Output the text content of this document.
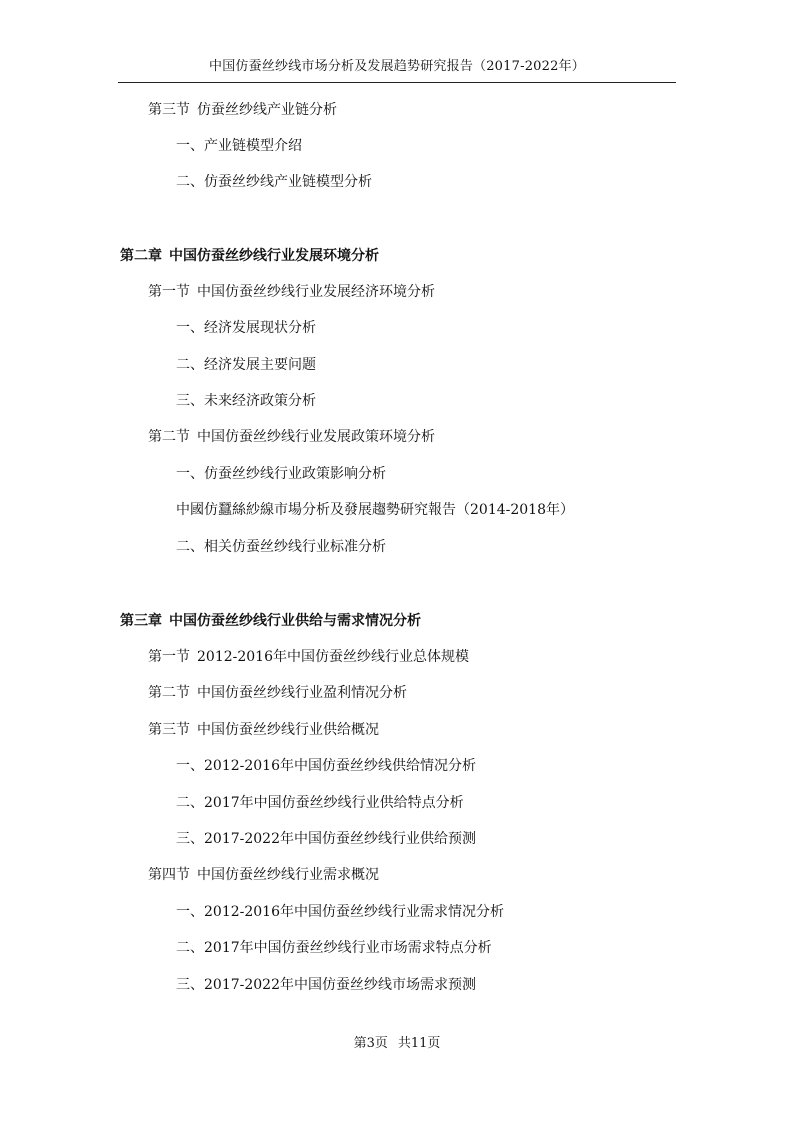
中国仿蚕丝纱线市场分析及发展趋势研究报告（2017-2022年）
第三节 仿蚕丝纱线产业链分析
一、产业链模型介绍
二、仿蚕丝纱线产业链模型分析
第二章 中国仿蚕丝纱线行业发展环境分析
第一节 中国仿蚕丝纱线行业发展经济环境分析
一、经济发展现状分析
二、经济发展主要问题
三、未来经济政策分析
第二节 中国仿蚕丝纱线行业发展政策环境分析
一、仿蚕丝纱线行业政策影响分析
中國仿蠶絲紗線市場分析及發展趨勢研究報告（2014-2018年）
二、相关仿蚕丝纱线行业标准分析
第三章 中国仿蚕丝纱线行业供给与需求情况分析
第一节 2012-2016年中国仿蚕丝纱线行业总体规模
第二节 中国仿蚕丝纱线行业盈利情况分析
第三节 中国仿蚕丝纱线行业供给概况
一、2012-2016年中国仿蚕丝纱线供给情况分析
二、2017年中国仿蚕丝纱线行业供给特点分析
三、2017-2022年中国仿蚕丝纱线行业供给预测
第四节 中国仿蚕丝纱线行业需求概况
一、2012-2016年中国仿蚕丝纱线行业需求情况分析
二、2017年中国仿蚕丝纱线行业市场需求特点分析
三、2017-2022年中国仿蚕丝纱线市场需求预测
第3页 共11页
